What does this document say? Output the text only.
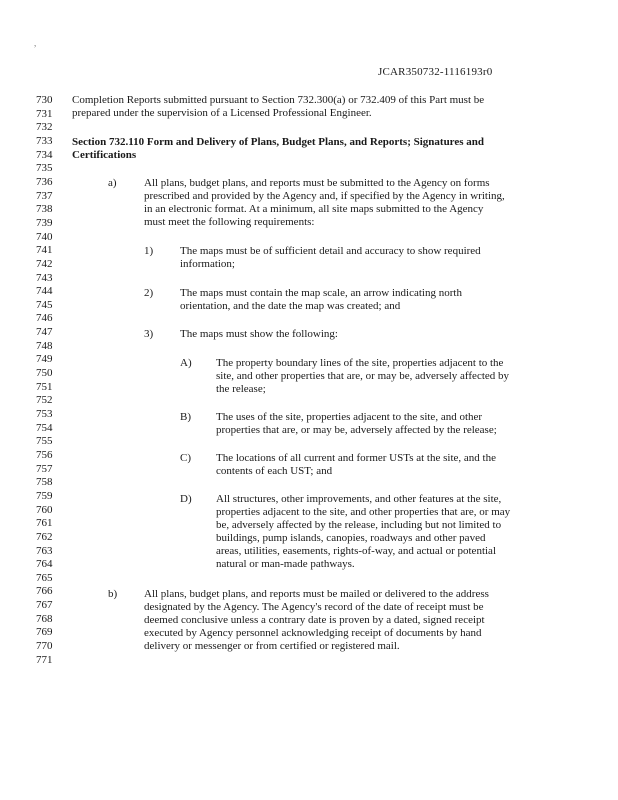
,
JCAR350732-1116193r0
730
731
732
733
734
735
736
737
738
739
740
741
742
743
744
745
746
747
748
749
750
751
752
753
754
755
756
757
758
759
760
761
762
763
764
765
766
767
768
769
770
771
Completion Reports submitted pursuant to Section 732.300(a) or 732.409 of this Part must be
prepared under the supervision of a Licensed Professional Engineer.
Section 732.110 Form and Delivery of Plans, Budget Plans, and Reports; Signatures and
Certifications
a) All plans, budget plans, and reports must be submitted to the Agency on forms
prescribed and provided by the Agency and, if specified by the Agency in writing,
in an electronic format. At a minimum, all site maps submitted to the Agency
must meet the following requirements:
1) The maps must be of sufficient detail and accuracy to show required
information;
2) The maps must contain the map scale, an arrow indicating north
orientation, and the date the map was created; and
3) The maps must show the following:
A) The property boundary lines of the site, properties adjacent to the
site, and other properties that are, or may be, adversely affected by
the release;
B) The uses of the site, properties adjacent to the site, and other
properties that are, or may be, adversely affected by the release;
C) The locations of all current and former USTs at the site, and the
contents of each UST; and
D) All structures, other improvements, and other features at the site,
properties adjacent to the site, and other properties that are, or may
be, adversely affected by the release, including but not limited to
buildings, pump islands, canopies, roadways and other paved
areas, utilities, easements, rights-of-way, and actual or potential
natural or man-made pathways.
b) All plans, budget plans, and reports must be mailed or delivered to the address
designated by the Agency. The Agency's record of the date of receipt must be
deemed conclusive unless a contrary date is proven by a dated, signed receipt
executed by Agency personnel acknowledging receipt of documents by hand
delivery or messenger or from certified or registered mail.
